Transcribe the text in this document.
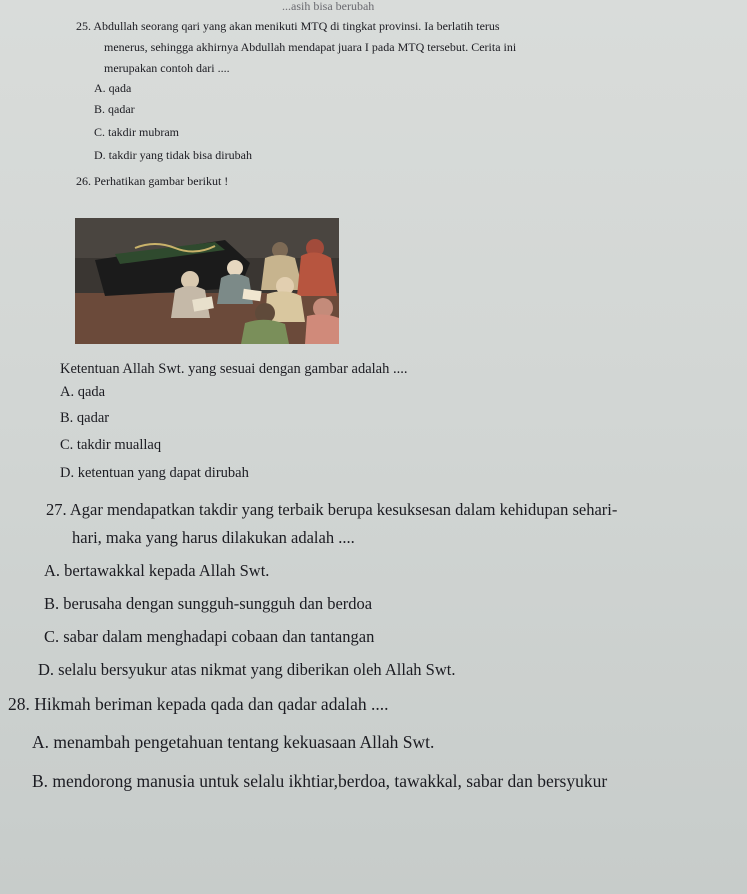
...asih bisa berubah
25. Abdullah seorang qari yang akan menikuti MTQ di tingkat provinsi. Ia berlatih terus
menerus, sehingga akhirnya Abdullah mendapat juara I pada MTQ tersebut. Cerita ini
merupakan contoh dari ....
A. qada
B. qadar
C. takdir mubram
D. takdir yang tidak bisa dirubah
26. Perhatikan gambar berikut !
Ketentuan Allah Swt. yang sesuai dengan gambar adalah ....
A. qada
B. qadar
C. takdir muallaq
D. ketentuan yang dapat dirubah
27. Agar mendapatkan takdir yang terbaik berupa kesuksesan dalam kehidupan sehari-
hari, maka yang harus dilakukan adalah ....
A. bertawakkal kepada Allah Swt.
B. berusaha dengan sungguh-sungguh dan berdoa
C. sabar dalam menghadapi cobaan dan tantangan
D. selalu bersyukur atas nikmat yang diberikan oleh Allah Swt.
28. Hikmah beriman kepada qada dan qadar adalah ....
A. menambah pengetahuan tentang kekuasaan Allah Swt.
B. mendorong manusia untuk selalu ikhtiar,berdoa, tawakkal, sabar dan bersyukur
